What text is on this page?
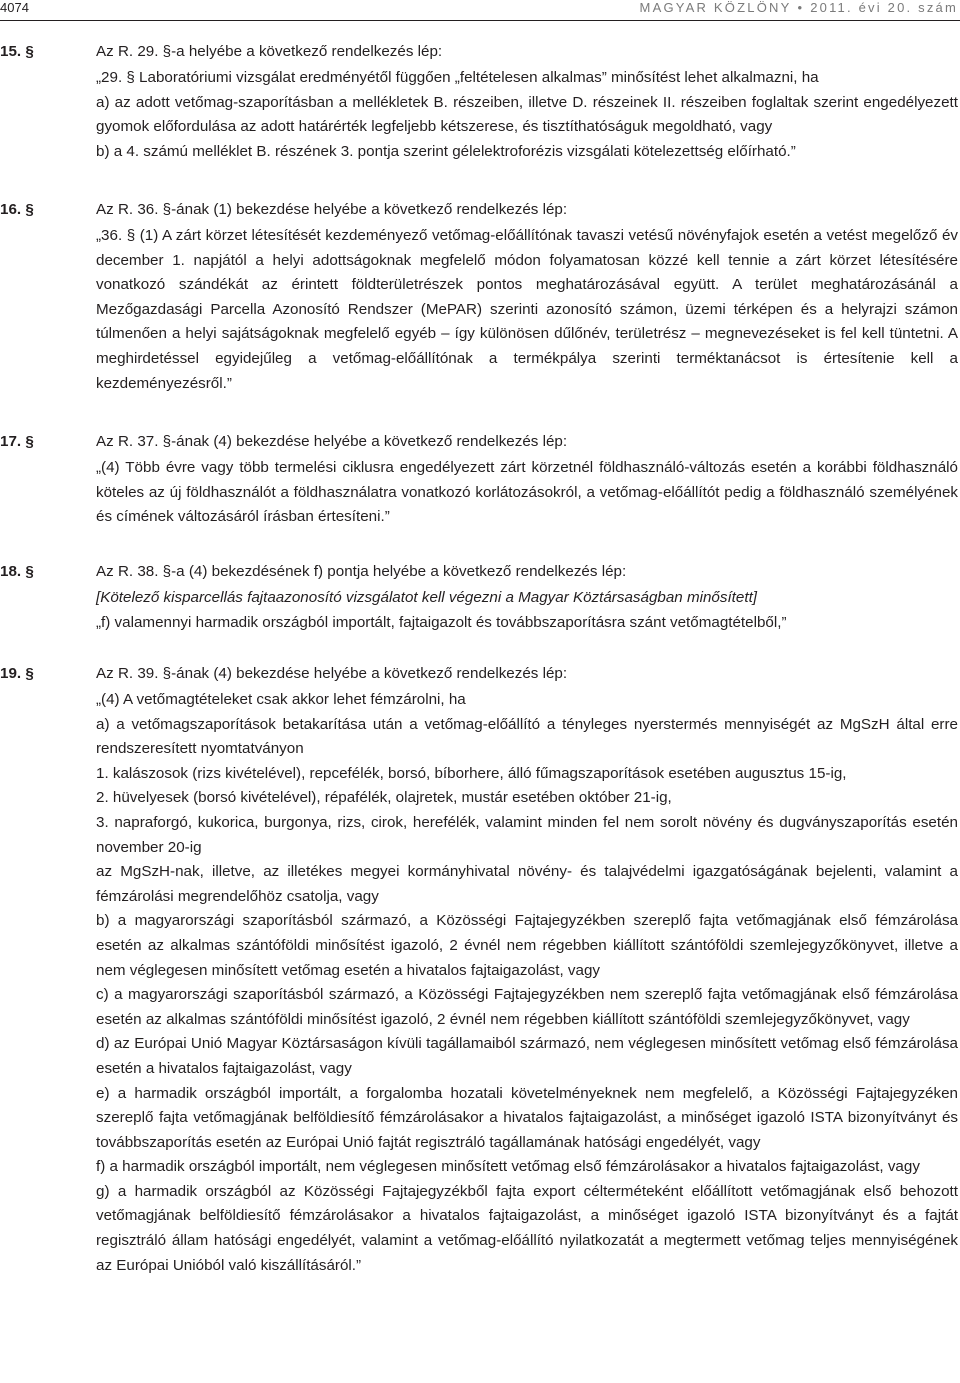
4074	MAGYAR KÖZLÖNY • 2011. évi 20. szám
15. §	Az R. 29. §-a helyébe a következő rendelkezés lép:

„29. § Laboratóriumi vizsgálat eredményétől függően „feltételesen alkalmas” minősítést lehet alkalmazni, ha

a) az adott vetőmag-szaporításban a mellékletek B. részeiben, illetve D. részeinek II. részeiben foglaltak szerint engedélyezett gyomok előfordulása az adott határérték legfeljebb kétszerese, és tisztíthatóságuk megoldható, vagy

b) a 4. számú melléklet B. részének 3. pontja szerint gélelektroforézis vizsgálati kötelezettség előírható.”

16. §	Az R. 36. §-ának (1) bekezdése helyébe a következő rendelkezés lép:

„36. § (1) A zárt körzet létesítését kezdeményező vetőmag-előállítónak tavaszi vetésű növényfajok esetén a vetést megelőző év december 1. napjától a helyi adottságoknak megfelelő módon folyamatosan közzé kell tennie a zárt körzet létesítésére vonatkozó szándékát az érintett földterületrészek pontos meghatározásával együtt. A terület meghatározásánál a Mezőgazdasági Parcella Azonosító Rendszer (MePAR) szerinti azonosító számon, üzemi térképen és a helyrajzi számon túlmenően a helyi sajátságoknak megfelelő egyéb – így különösen dűlőnév, területrész – megnevezéseket is fel kell tüntetni. A meghirdetéssel egyidejűleg a vetőmag-előállítónak a termékpálya szerinti terméktanácsot is értesítenie kell a kezdeményezésről.”

17. §	Az R. 37. §-ának (4) bekezdése helyébe a következő rendelkezés lép:

„(4) Több évre vagy több termelési ciklusra engedélyezett zárt körzetnél földhasználó-változás esetén a korábbi földhasználó köteles az új földhasználót a földhasználatra vonatkozó korlátozásokról, a vetőmag-előállítót pedig a földhasználó személyének és címének változásáról írásban értesíteni.”

18. §	Az R. 38. §-a (4) bekezdésének f) pontja helyébe a következő rendelkezés lép:

[Kötelező kisparcellás fajtaazonosító vizsgálatot kell végezni a Magyar Köztársaságban minősített]

„f) valamennyi harmadik országból importált, fajtaigazolt és továbbszaporításra szánt vetőmagtételből,”

19. §	Az R. 39. §-ának (4) bekezdése helyébe a következő rendelkezés lép:

„(4) A vetőmagtételeket csak akkor lehet fémzárolni, ha

a) a vetőmagszaporítások betakarítása után a vetőmag-előállító a tényleges nyerstermés mennyiségét az MgSzH által erre rendszeresített nyomtatványon

1. kalászosok (rizs kivételével), repcefélék, borsó, bíborhere, álló fűmagszaporítások esetében augusztus 15-ig,

2. hüvelyesek (borsó kivételével), répafélék, olajretek, mustár esetében október 21-ig,

3. napraforgó, kukorica, burgonya, rizs, cirok, herefélék, valamint minden fel nem sorolt növény és dugványszaporítás esetén november 20-ig

az MgSzH-nak, illetve, az illetékes megyei kormányhivatal növény- és talajvédelmi igazgatóságának bejelenti, valamint a fémzárolási megrendelőhöz csatolja, vagy

b) a magyarországi szaporításból származó, a Közösségi Fajtajegyzékben szereplő fajta vetőmagjának első fémzárolása esetén az alkalmas szántóföldi minősítést igazoló, 2 évnél nem régebben kiállított szántóföldi szemlejegyzőkönyvet, illetve a nem véglegesen minősített vetőmag esetén a hivatalos fajtaigazolást, vagy

c) a magyarországi szaporításból származó, a Közösségi Fajtajegyzékben nem szereplő fajta vetőmagjának első fémzárolása esetén az alkalmas szántóföldi minősítést igazoló, 2 évnél nem régebben kiállított szántóföldi szemlejegyzőkönyvet, vagy

d) az Európai Unió Magyar Köztársaságon kívüli tagállamaiból származó, nem véglegesen minősített vetőmag első fémzárolása esetén a hivatalos fajtaigazolást, vagy

e) a harmadik országból importált, a forgalomba hozatali követelményeknek nem megfelelő, a Közösségi Fajtajegyzéken szereplő fajta vetőmagjának belföldiesítő fémzárolásakor a hivatalos fajtaigazolást, a minőséget igazoló ISTA bizonyítványt és továbbszaporítás esetén az Európai Unió fajtát regisztráló tagállamának hatósági engedélyét, vagy

f) a harmadik országból importált, nem véglegesen minősített vetőmag első fémzárolásakor a hivatalos fajtaigazolást, vagy

g) a harmadik országból az Közösségi Fajtajegyzékből fajta export célterméteként előállított vetőmagjának első behozott vetőmagjának belföldiesítő fémzárolásakor a hivatalos fajtaigazolást, a minőséget igazoló ISTA bizonyítványt és a fajtát regisztráló állam hatósági engedélyét, valamint a vetőmag-előállító nyilatkozatát a megtermett vetőmag teljes mennyiségének az Európai Unióból való kiszállításáról.”
